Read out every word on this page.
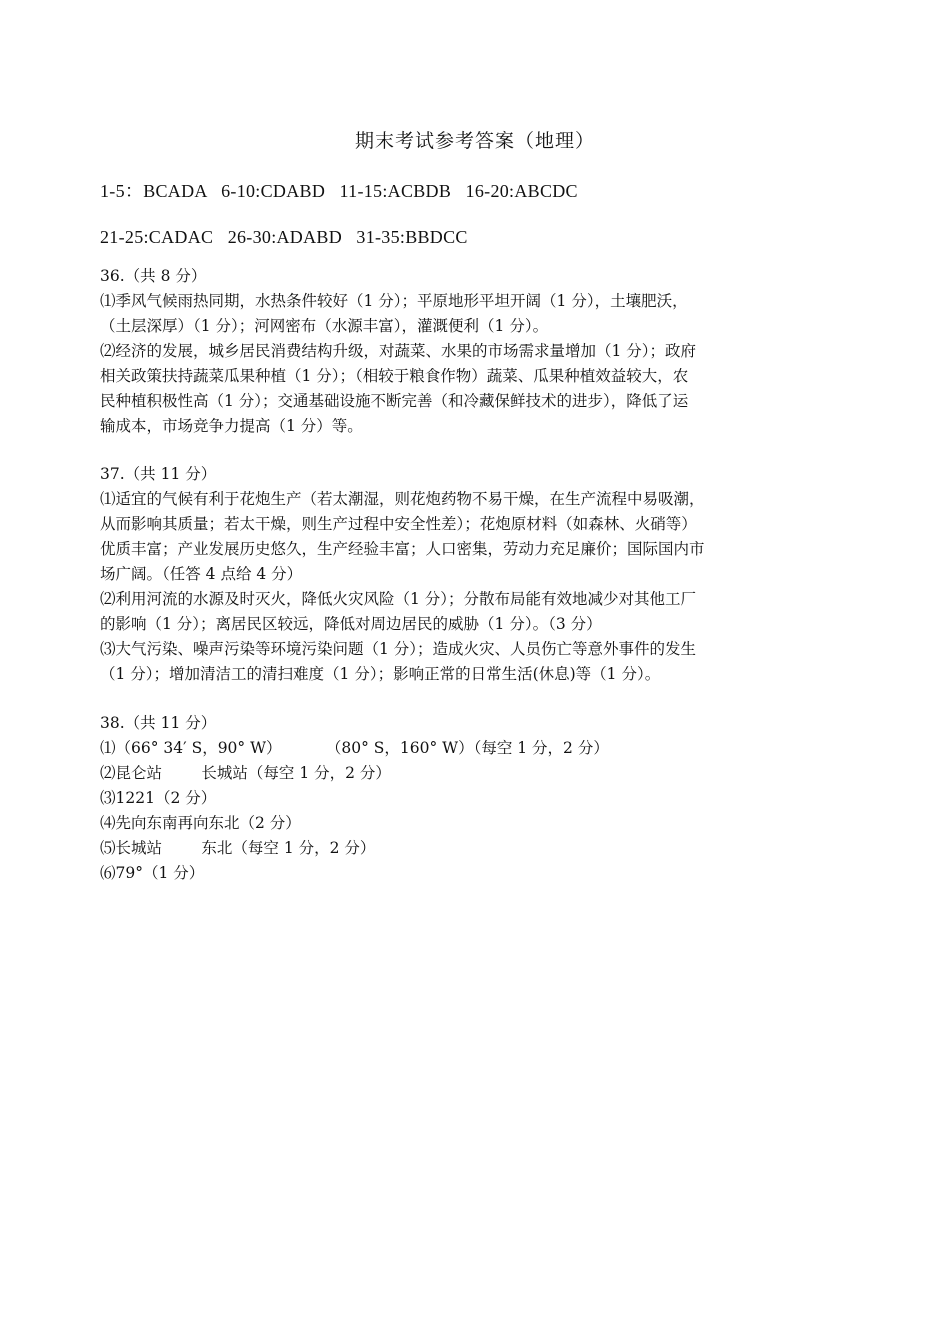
期末考试参考答案（地理）
1-5：BCADA   6-10:CDABD   11-15:ACBDB   16-20:ABCDC
21-25:CADAC   26-30:ADABD   31-35:BBDCC

36.（共 8 分）

⑴季风气候雨热同期，水热条件较好（1 分）；平原地形平坦开阔（1 分），土壤肥沃，

（土层深厚）（1 分）；河网密布（水源丰富），灌溉便利（1 分）。

⑵经济的发展，城乡居民消费结构升级，对蔬菜、水果的市场需求量增加（1 分）；政府

相关政策扶持蔬菜瓜果种植（1 分）；（相较于粮食作物）蔬菜、瓜果种植效益较大，农

民种植积极性高（1 分）；交通基础设施不断完善（和冷藏保鲜技术的进步），降低了运

输成本，市场竞争力提高（1 分）等。

37.（共 11 分）

⑴适宜的气候有利于花炮生产（若太潮湿，则花炮药物不易干燥，在生产流程中易吸潮，

从而影响其质量；若太干燥，则生产过程中安全性差）；花炮原材料（如森林、火硝等）

优质丰富；产业发展历史悠久，生产经验丰富；人口密集，劳动力充足廉价；国际国内市

场广阔。（任答 4 点给 4 分）

⑵利用河流的水源及时灭火，降低火灾风险（1 分）；分散布局能有效地减少对其他工厂

的影响（1 分）；离居民区较远，降低对周边居民的威胁（1 分）。（3 分）

⑶大气污染、噪声污染等环境污染问题（1 分）；造成火灾、人员伤亡等意外事件的发生

（1 分）；增加清洁工的清扫难度（1 分）；影响正常的日常生活(休息)等（1 分）。

38.（共 11 分）

⑴（66° 34′ S，90° W）         （80° S，160° W）（每空 1 分，2 分）

⑵昆仑站        长城站（每空 1 分，2 分）

⑶1221（2 分）

⑷先向东南再向东北（2 分）

⑸长城站        东北（每空 1 分，2 分）

⑹79°（1 分）
